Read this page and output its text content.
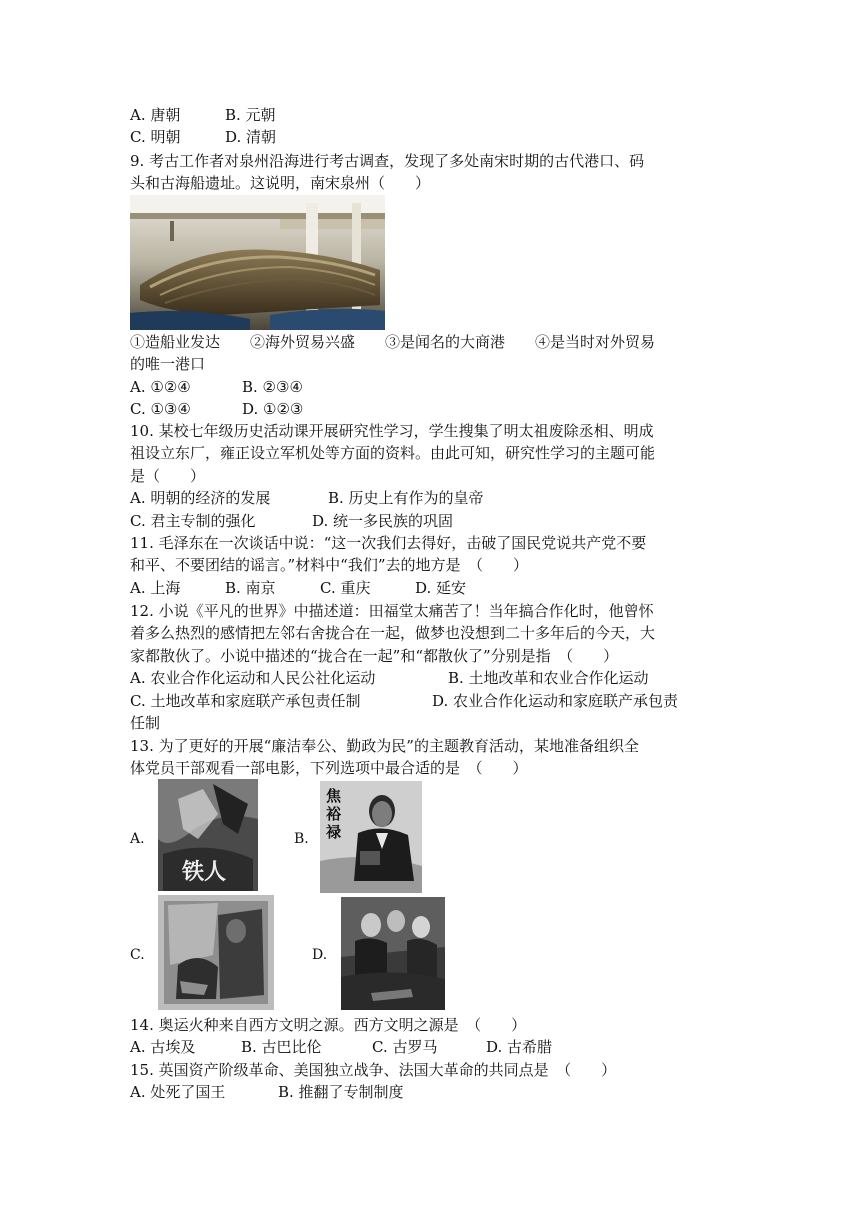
A. 唐朝	B. 元朝
C. 明朝	D. 清朝
9. 考古工作者对泉州沿海进行考古调查，发现了多处南宋时期的古代港口、码
头和古海船遗址。这说明，南宋泉州（　　）
①造船业发达　　②海外贸易兴盛　　③是闻名的大商港　　④是当时对外贸易
的唯一港口
A. ①②④	B. ②③④
C. ①③④	D. ①②③
10. 某校七年级历史活动课开展研究性学习，学生搜集了明太祖废除丞相、明成
祖设立东厂，雍正设立军机处等方面的资料。由此可知，研究性学习的主题可能
是（　　）
A. 明朝的经济的发展	B. 历史上有作为的皇帝
C. 君主专制的强化	D. 统一多民族的巩固
11. 毛泽东在一次谈话中说：“这一次我们去得好，击破了国民党说共产党不要
和平、不要团结的谣言。”材料中“我们”去的地方是　（　　）
A. 上海	B. 南京	C. 重庆	D. 延安
12. 小说《平凡的世界》中描述道：田福堂太痛苦了！当年搞合作化时，他曾怀
着多么热烈的感情把左邻右舍拢合在一起，做梦也没想到二十多年后的今天，大
家都散伙了。小说中描述的“拢合在一起”和“都散伙了”分别是指　（　　）
A. 农业合作化运动和人民公社化运动	B. 土地改革和农业合作化运动
C. 土地改革和家庭联产承包责任制	D. 农业合作化运动和家庭联产承包责
任制
13. 为了更好的开展“廉洁奉公、勤政为民”的主题教育活动，某地准备组织全
体党员干部观看一部电影，下列选项中最合适的是　（　　）
A.
铁人
B.
焦裕禄
C.	D.
14. 奥运火种来自西方文明之源。西方文明之源是　（　　）
A. 古埃及	B. 古巴比伦	C. 古罗马	D. 古希腊
15. 英国资产阶级革命、美国独立战争、法国大革命的共同点是　（　　）
A. 处死了国王	B. 推翻了专制制度
